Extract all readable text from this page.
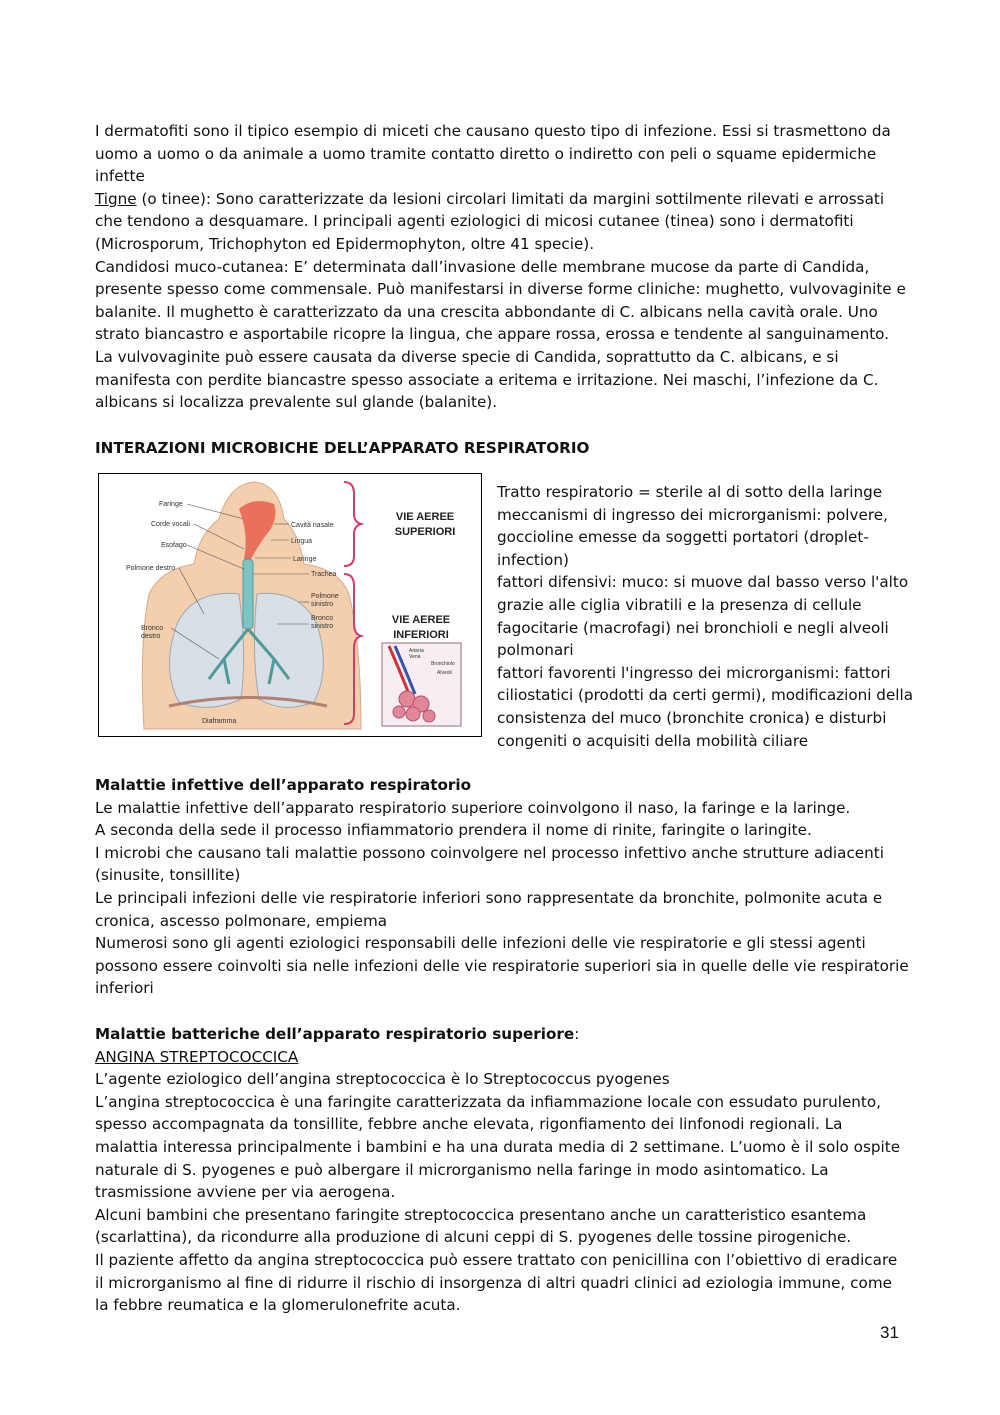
I dermatofiti sono il tipico esempio di miceti che causano questo tipo di infezione. Essi si trasmettono da uomo a uomo o da animale a uomo tramite contatto diretto o indiretto con peli o squame epidermiche infette

Tigne (o tinee): Sono caratterizzate da lesioni circolari limitati da margini sottilmente rilevati e arrossati che tendono a desquamare. I principali agenti eziologici di micosi cutanee (tinea) sono i dermatofiti (Microsporum, Trichophyton ed Epidermophyton, oltre 41 specie).

Candidosi muco-cutanea: E’ determinata dall’invasione delle membrane mucose da parte di Candida, presente spesso come commensale. Può manifestarsi in diverse forme cliniche: mughetto, vulvovaginite e balanite. Il mughetto è caratterizzato da una crescita abbondante di C. albicans nella cavità orale. Uno strato biancastro e asportabile ricopre la lingua, che appare rossa, erossa e tendente al sanguinamento. La vulvovaginite può essere causata da diverse specie di Candida, soprattutto da C. albicans, e si manifesta con perdite biancastre spesso associate a eritema e irritazione. Nei maschi, l’infezione da C. albicans si localizza prevalente sul glande (balanite).

INTERAZIONI MICROBICHE DELL’APPARATO RESPIRATORIO
Faringe
Corde vocali
Esofago
Polmone destro
Bronco
destro
Diaframma
Cavità nasale
Lingua
Laringe
Trachea
Polmone
sinistro
Bronco
sinistro
VIE AEREE
SUPERIORI
VIE AEREE
INFERIORI
Arteria
Vena
Bronchiolo
Alveoli

Tratto respiratorio = sterile al di sotto della laringe

meccanismi di ingresso dei microrganismi: polvere, goccioline emesse da soggetti portatori (droplet-infection)

fattori difensivi: muco: si muove dal basso verso l'alto grazie alle ciglia vibratili e la presenza di cellule fagocitarie (macrofagi) nei bronchioli e negli alveoli polmonari

fattori favorenti l'ingresso dei microrganismi: fattori ciliostatici (prodotti da certi germi), modificazioni della consistenza del muco (bronchite cronica) e disturbi congeniti o acquisiti della mobilità ciliare

Malattie infettive dell’apparato respiratorio

Le malattie infettive dell’apparato respiratorio superiore coinvolgono il naso, la faringe e la laringe.

A seconda della sede il processo infiammatorio prendera il nome di rinite, faringite o laringite.

I microbi che causano tali malattie possono coinvolgere nel processo infettivo anche strutture adiacenti (sinusite, tonsillite)

Le principali infezioni delle vie respiratorie inferiori sono rappresentate da bronchite, polmonite acuta e cronica, ascesso polmonare, empiema

Numerosi sono gli agenti eziologici responsabili delle infezioni delle vie respiratorie e gli stessi agenti possono essere coinvolti sia nelle infezioni delle vie respiratorie superiori sia in quelle delle vie respiratorie inferiori

Malattie batteriche dell’apparato respiratorio superiore:

ANGINA STREPTOCOCCICA

L’agente eziologico dell’angina streptococcica è lo Streptococcus pyogenes

L’angina streptococcica è una faringite caratterizzata da infiammazione locale con essudato purulento, spesso accompagnata da tonsillite, febbre anche elevata, rigonfiamento dei linfonodi regionali. La malattia interessa principalmente i bambini e ha una durata media di 2 settimane. L’uomo è il solo ospite naturale di S. pyogenes e può albergare il microrganismo nella faringe in modo asintomatico. La trasmissione avviene per via aerogena.

Alcuni bambini che presentano faringite streptococcica presentano anche un caratteristico esantema (scarlattina), da ricondurre alla produzione di alcuni ceppi di S. pyogenes delle tossine pirogeniche.

Il paziente affetto da angina streptococcica può essere trattato con penicillina con l’obiettivo di eradicare il microrganismo al fine di ridurre il rischio di insorgenza di altri quadri clinici ad eziologia immune, come la febbre reumatica e la glomerulonefrite acuta.

31
